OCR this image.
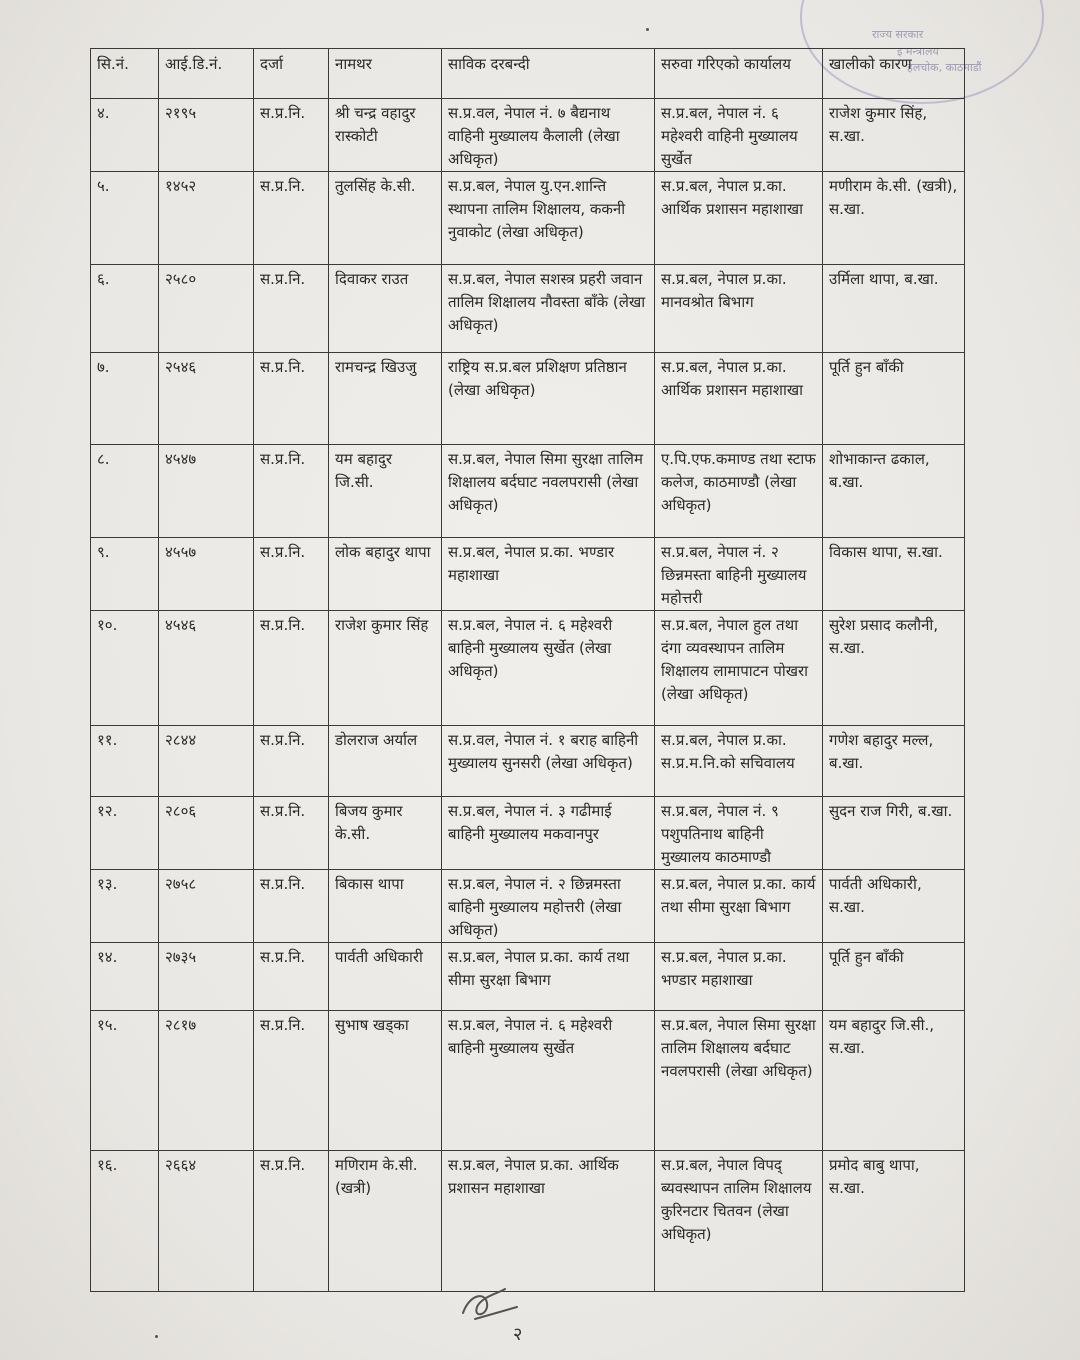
राज्य सरकार
इ मन्त्रालय
हलचोक, काठमाडौं
सि.नं.	आई.डि.नं.	दर्जा	नामथर	साविक दरबन्दी	सरुवा गरिएको कार्यालय	खालीको कारण
४.	२१९५	स.प्र.नि.	श्री चन्द्र वहादुर रास्कोटी	स.प्र.वल, नेपाल नं. ७ बैद्यनाथ वाहिनी मुख्यालय कैलाली (लेखा अधिकृत)	स.प्र.बल, नेपाल नं. ६ महेश्वरी वाहिनी मुख्यालय सुर्खेत	राजेश कुमार सिंह, स.खा.
५.	१४५२	स.प्र.नि.	तुलसिंह के.सी.	स.प्र.बल, नेपाल यु.एन.शान्ति स्थापना तालिम शिक्षालय, ककनी नुवाकोट (लेखा अधिकृत)	स.प्र.बल, नेपाल प्र.का. आर्थिक प्रशासन महाशाखा	मणीराम के.सी. (खत्री), स.खा.
६.	२५८०	स.प्र.नि.	दिवाकर राउत	स.प्र.बल, नेपाल सशस्त्र प्रहरी जवान तालिम शिक्षालय नौवस्ता बाँके (लेखा अधिकृत)	स.प्र.बल, नेपाल प्र.का. मानवश्रोत बिभाग	उर्मिला थापा, ब.खा.
७.	२५४६	स.प्र.नि.	रामचन्द्र खिउजु	राष्ट्रिय स.प्र.बल प्रशिक्षण प्रतिष्ठान (लेखा अधिकृत)	स.प्र.बल, नेपाल प्र.का. आर्थिक प्रशासन महाशाखा	पूर्ति हुन बाँकी
८.	४५४७	स.प्र.नि.	यम बहादुर जि.सी.	स.प्र.बल, नेपाल सिमा सुरक्षा तालिम शिक्षालय बर्दघाट नवलपरासी (लेखा अधिकृत)	ए.पि.एफ.कमाण्ड तथा स्टाफ कलेज, काठमाण्डौ (लेखा अधिकृत)	शोभाकान्त ढकाल, ब.खा.
९.	४५५७	स.प्र.नि.	लोक बहादुर थापा	स.प्र.बल, नेपाल प्र.का. भण्डार महाशाखा	स.प्र.बल, नेपाल नं. २ छिन्नमस्ता बाहिनी मुख्यालय महोत्तरी	विकास थापा, स.खा.
१०.	४५४६	स.प्र.नि.	राजेश कुमार सिंह	स.प्र.बल, नेपाल नं. ६ महेश्वरी बाहिनी मुख्यालय सुर्खेत (लेखा अधिकृत)	स.प्र.बल, नेपाल हुल तथा दंगा व्यवस्थापन तालिम शिक्षालय लामापाटन पोखरा (लेखा अधिकृत)	सुरेश प्रसाद कलौनी, स.खा.
११.	२८४४	स.प्र.नि.	डोलराज अर्याल	स.प्र.वल, नेपाल नं. १ बराह बाहिनी मुख्यालय सुनसरी (लेखा अधिकृत)	स.प्र.बल, नेपाल प्र.का. स.प्र.म.नि.को सचिवालय	गणेश बहादुर मल्ल, ब.खा.
१२.	२८०६	स.प्र.नि.	बिजय कुमार के.सी.	स.प्र.बल, नेपाल नं. ३ गढीमाई बाहिनी मुख्यालय मकवानपुर	स.प्र.बल, नेपाल नं. ९ पशुपतिनाथ बाहिनी मुख्यालय काठमाण्डौ	सुदन राज गिरी, ब.खा.
१३.	२७५८	स.प्र.नि.	बिकास थापा	स.प्र.बल, नेपाल नं. २ छिन्नमस्ता बाहिनी मुख्यालय महोत्तरी (लेखा अधिकृत)	स.प्र.बल, नेपाल प्र.का. कार्य तथा सीमा सुरक्षा बिभाग	पार्वती अधिकारी, स.खा.
१४.	२७३५	स.प्र.नि.	पार्वती अधिकारी	स.प्र.बल, नेपाल प्र.का. कार्य तथा सीमा सुरक्षा बिभाग	स.प्र.बल, नेपाल प्र.का. भण्डार महाशाखा	पूर्ति हुन बाँकी
१५.	२८१७	स.प्र.नि.	सुभाष खड्का	स.प्र.बल, नेपाल नं. ६ महेश्वरी बाहिनी मुख्यालय सुर्खेत	स.प्र.बल, नेपाल सिमा सुरक्षा तालिम शिक्षालय बर्दघाट नवलपरासी (लेखा अधिकृत)	यम बहादुर जि.सी., स.खा.
१६.	२६६४	स.प्र.नि.	मणिराम के.सी. (खत्री)	स.प्र.बल, नेपाल प्र.का. आर्थिक प्रशासन महाशाखा	स.प्र.बल, नेपाल विपद् ब्यवस्थापन तालिम शिक्षालय कुरिनटार चितवन (लेखा अधिकृत)	प्रमोद बाबु थापा, स.खा.
२
